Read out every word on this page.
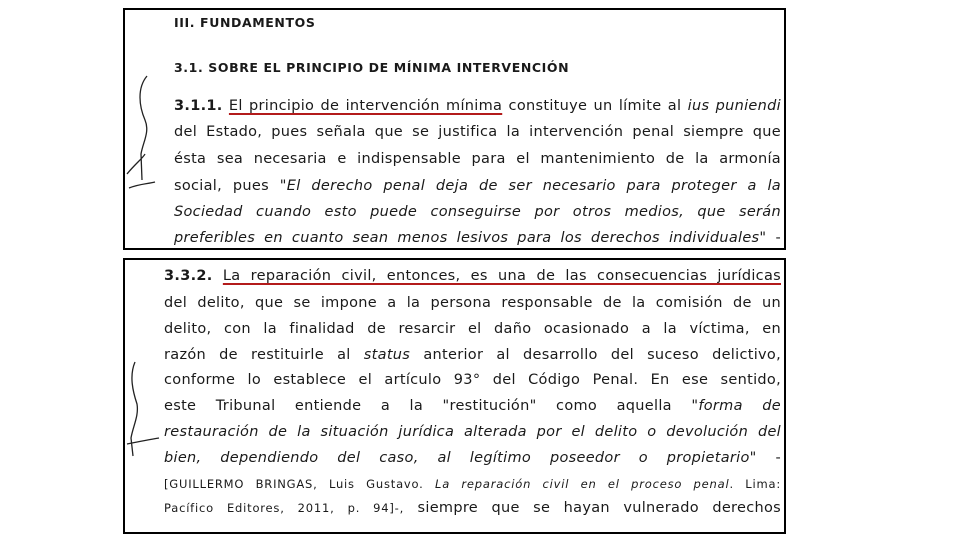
III. FUNDAMENTOS
3.1. SOBRE EL PRINCIPIO DE MÍNIMA INTERVENCIÓN
3.1.1. El principio de intervención mínima constituye un límite al ius puniendi
del Estado, pues señala que se justifica la intervención penal siempre que
ésta sea necesaria e indispensable para el mantenimiento de la armonía
social, pues "El derecho penal deja de ser necesario para proteger a la
Sociedad cuando esto puede conseguirse por otros medios, que serán
preferibles en cuanto sean menos lesivos para los derechos individuales" -
3.3.2. La reparación civil, entonces, es una de las consecuencias jurídicas
del delito, que se impone a la persona responsable de la comisión de un
delito, con la finalidad de resarcir el daño ocasionado a la víctima, en
razón de restituirle al status anterior al desarrollo del suceso delictivo,
conforme lo establece el artículo 93° del Código Penal. En ese sentido,
este Tribunal entiende a la "restitución" como aquella "forma de
restauración de la situación jurídica alterada por el delito o devolución del
bien, dependiendo del caso, al legítimo poseedor o propietario" -
[GUILLERMO BRINGAS, Luis Gustavo. La reparación civil en el proceso penal. Lima:
Pacífico Editores, 2011, p. 94]-, siempre que se hayan vulnerado derechos
